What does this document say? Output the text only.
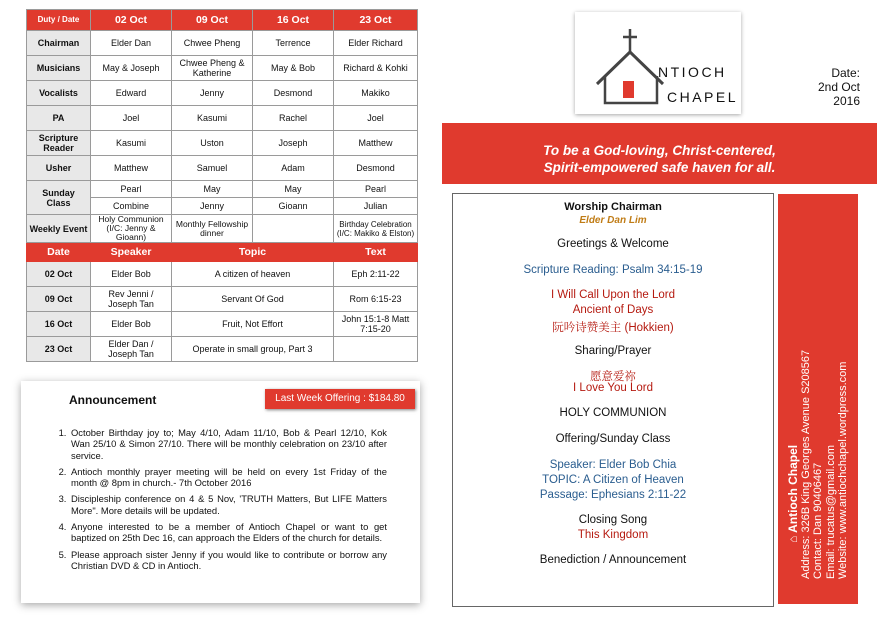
Duty / Date	02 Oct	09 Oct	16 Oct	23 Oct
Chairman	Elder Dan	Chwee Pheng	Terrence	Elder Richard
Musicians	May & Joseph	Chwee Pheng & Katherine	May & Bob	Richard & Kohki
Vocalists	Edward	Jenny	Desmond	Makiko
PA	Joel	Kasumi	Rachel	Joel
Scripture Reader	Kasumi	Uston	Joseph	Matthew
Usher	Matthew	Samuel	Adam	Desmond
Sunday Class	Pearl	May	May	Pearl
	Combine	Jenny	Gioann	Julian
Weekly Event	Holy Communion (I/C: Jenny & Gioann)	Monthly Fellowship dinner		Birthday Celebration (I/C: Makiko & Elston)
Date	Speaker	Topic		Text
02 Oct	Elder Bob	A citizen of heaven		Eph 2:11-22
09 Oct	Rev Jenni / Joseph Tan	Servant Of God		Rom 6:15-23
16 Oct	Elder Bob	Fruit, Not Effort		John 15:1-8 Matt 7:15-20
23 Oct	Elder Dan / Joseph Tan	Operate in small group, Part 3		
Announcement	Last Week Offering : $184.80
1. October Birthday joy to; May 4/10, Adam 11/10, Bob & Pearl 12/10, Kok Wan 25/10 & Simon 27/10. There will be monthly celebration on 23/10 after service.
2. Antioch monthly prayer meeting will be held on every 1st Friday of the month @ 8pm in church.- 7th October 2016
3. Discipleship conference on 4 & 5 Nov, 'TRUTH Matters, But LIFE Matters More". More details will be updated.
4. Anyone interested to be a member of Antioch Chapel or want to get baptized on 25th Dec 16, can approach the Elders of the church for details.
5. Please approach sister Jenny if you would like to contribute or borrow any Christian DVD & CD in Antioch.
NTIOCH
CHAPEL
Date:
2nd Oct
2016
To be a God-loving, Christ-centered,
Spirit-empowered safe haven for all.
Worship Chairman
Elder Dan Lim
Greetings & Welcome
Scripture Reading: Psalm 34:15-19
I Will Call Upon the Lord
Ancient of Days
阮吟诗赞美主 (Hokkien)
Sharing/Prayer
愿意爱祢
I Love You Lord
HOLY COMMUNION
Offering/Sunday Class
Speaker: Elder Bob Chia
TOPIC: A Citizen of Heaven
Passage: Ephesians 2:11-22
Closing Song
This Kingdom
Benediction / Announcement
⌂ Antioch Chapel Address: 326B King Georges Avenue S208567 Contact: Dan 90406467 Email: trucatus@gmail.com Website: www.antiochchapel.wordpress.com
